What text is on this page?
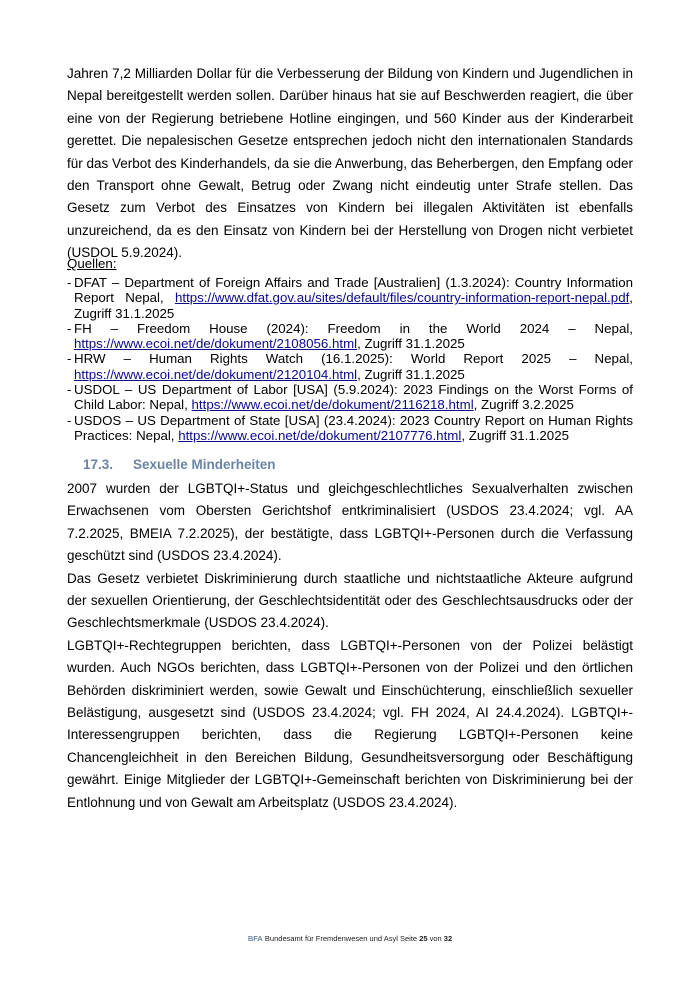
Jahren 7,2 Milliarden Dollar für die Verbesserung der Bildung von Kindern und Jugendlichen in Nepal bereitgestellt werden sollen. Darüber hinaus hat sie auf Beschwerden reagiert, die über eine von der Regierung betriebene Hotline eingingen, und 560 Kinder aus der Kinderarbeit gerettet. Die nepalesischen Gesetze entsprechen jedoch nicht den internationalen Standards für das Verbot des Kinderhandels, da sie die Anwerbung, das Beherbergen, den Empfang oder den Transport ohne Gewalt, Betrug oder Zwang nicht eindeutig unter Strafe stellen. Das Gesetz zum Verbot des Einsatzes von Kindern bei illegalen Aktivitäten ist ebenfalls unzureichend, da es den Einsatz von Kindern bei der Herstellung von Drogen nicht verbietet (USDOL 5.9.2024).

Quellen:

- DFAT – Department of Foreign Affairs and Trade [Australien] (1.3.2024): Country Information Report Nepal, https://www.dfat.gov.au/sites/default/files/country-information-report-nepal.pdf, Zugriff 31.1.2025
- FH – Freedom House (2024): Freedom in the World 2024 – Nepal, https://www.ecoi.net/de/dokument/2108056.html, Zugriff 31.1.2025
- HRW – Human Rights Watch (16.1.2025): World Report 2025 – Nepal, https://www.ecoi.net/de/dokument/2120104.html, Zugriff 31.1.2025
- USDOL – US Department of Labor [USA] (5.9.2024): 2023 Findings on the Worst Forms of Child Labor: Nepal, https://www.ecoi.net/de/dokument/2116218.html, Zugriff 3.2.2025
- USDOS – US Department of State [USA] (23.4.2024): 2023 Country Report on Human Rights Practices: Nepal, https://www.ecoi.net/de/dokument/2107776.html, Zugriff 31.1.2025
17.3. Sexuelle Minderheiten

2007 wurden der LGBTQI+-Status und gleichgeschlechtliches Sexualverhalten zwischen Erwachsenen vom Obersten Gerichtshof entkriminalisiert (USDOS 23.4.2024; vgl. AA 7.2.2025, BMEIA 7.2.2025), der bestätigte, dass LGBTQI+-Personen durch die Verfassung geschützt sind (USDOS 23.4.2024).

Das Gesetz verbietet Diskriminierung durch staatliche und nichtstaatliche Akteure aufgrund der sexuellen Orientierung, der Geschlechtsidentität oder des Geschlechtsausdrucks oder der Geschlechtsmerkmale (USDOS 23.4.2024).

LGBTQI+-Rechtegruppen berichten, dass LGBTQI+-Personen von der Polizei belästigt wurden. Auch NGOs berichten, dass LGBTQI+-Personen von der Polizei und den örtlichen Behörden diskriminiert werden, sowie Gewalt und Einschüchterung, einschließlich sexueller Belästigung, ausgesetzt sind (USDOS 23.4.2024; vgl. FH 2024, AI 24.4.2024). LGBTQI+-Interessengruppen berichten, dass die Regierung LGBTQI+-Personen keine Chancengleichheit in den Bereichen Bildung, Gesundheitsversorgung oder Beschäftigung gewährt. Einige Mitglieder der LGBTQI+-Gemeinschaft berichten von Diskriminierung bei der Entlohnung und von Gewalt am Arbeitsplatz (USDOS 23.4.2024).

BFA Bundesamt für Fremdenwesen und Asyl Seite 25 von 32
